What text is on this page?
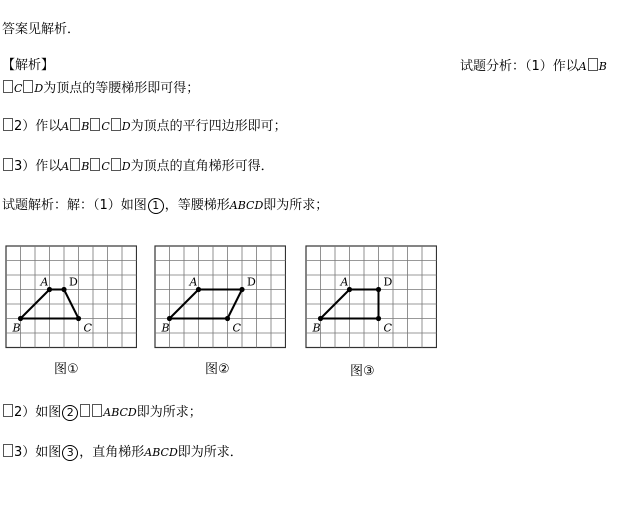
答案见解析．
【解析】	试题分析：（1）作以A B
C D为顶点的等腰梯形即可得；
2）作以A B C D为顶点的平行四边形即可；
3）作以A B C D为顶点的直角梯形可得．
试题解析：解：（1）如图 1 ，等腰梯形ABCD即为所求；
A D
C
B
图①
A	D
C
B
图②
A	D
C
B
图③
2）如图 2	ABCD即为所求；
3）如图 3 ，直角梯形ABCD即为所求．
